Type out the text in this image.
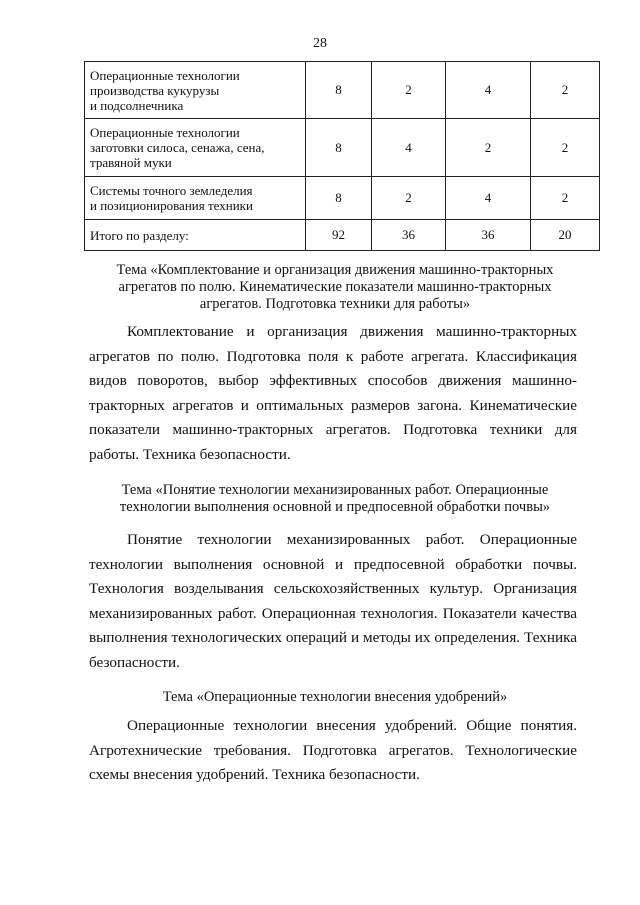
28
Операционные технологии
производства кукурузы
и подсолнечника	8	2	4	2
Операционные технологии
заготовки силоса, сенажа, сена,
травяной муки	8	4	2	2
Системы точного земледелия
и позиционирования техники	8	2	4	2
Итого по разделу:	92	36	36	20
Тема «Комплектование и организация движения машинно-тракторных агрегатов по полю. Кинематические показатели машинно-тракторных агрегатов. Подготовка техники для работы»

Комплектование и организация движения машинно-тракторных агрегатов по полю. Подготовка поля к работе агрегата. Классификация видов поворотов, выбор эффективных способов движения машинно-тракторных агрегатов и оптимальных размеров загона. Кинематические показатели машинно-тракторных агрегатов. Подготовка техники для работы. Техника безопасности.

Тема «Понятие технологии механизированных работ. Операционные технологии выполнения основной и предпосевной обработки почвы»

Понятие технологии механизированных работ. Операционные технологии выполнения основной и предпосевной обработки почвы. Технология возделывания сельскохозяйственных культур. Организация механизированных работ. Операционная технология. Показатели качества выполнения технологических операций и методы их определения. Техника безопасности.

Тема «Операционные технологии внесения удобрений»

Операционные технологии внесения удобрений. Общие понятия. Агротехнические требования. Подготовка агрегатов. Технологические схемы внесения удобрений. Техника безопасности.
